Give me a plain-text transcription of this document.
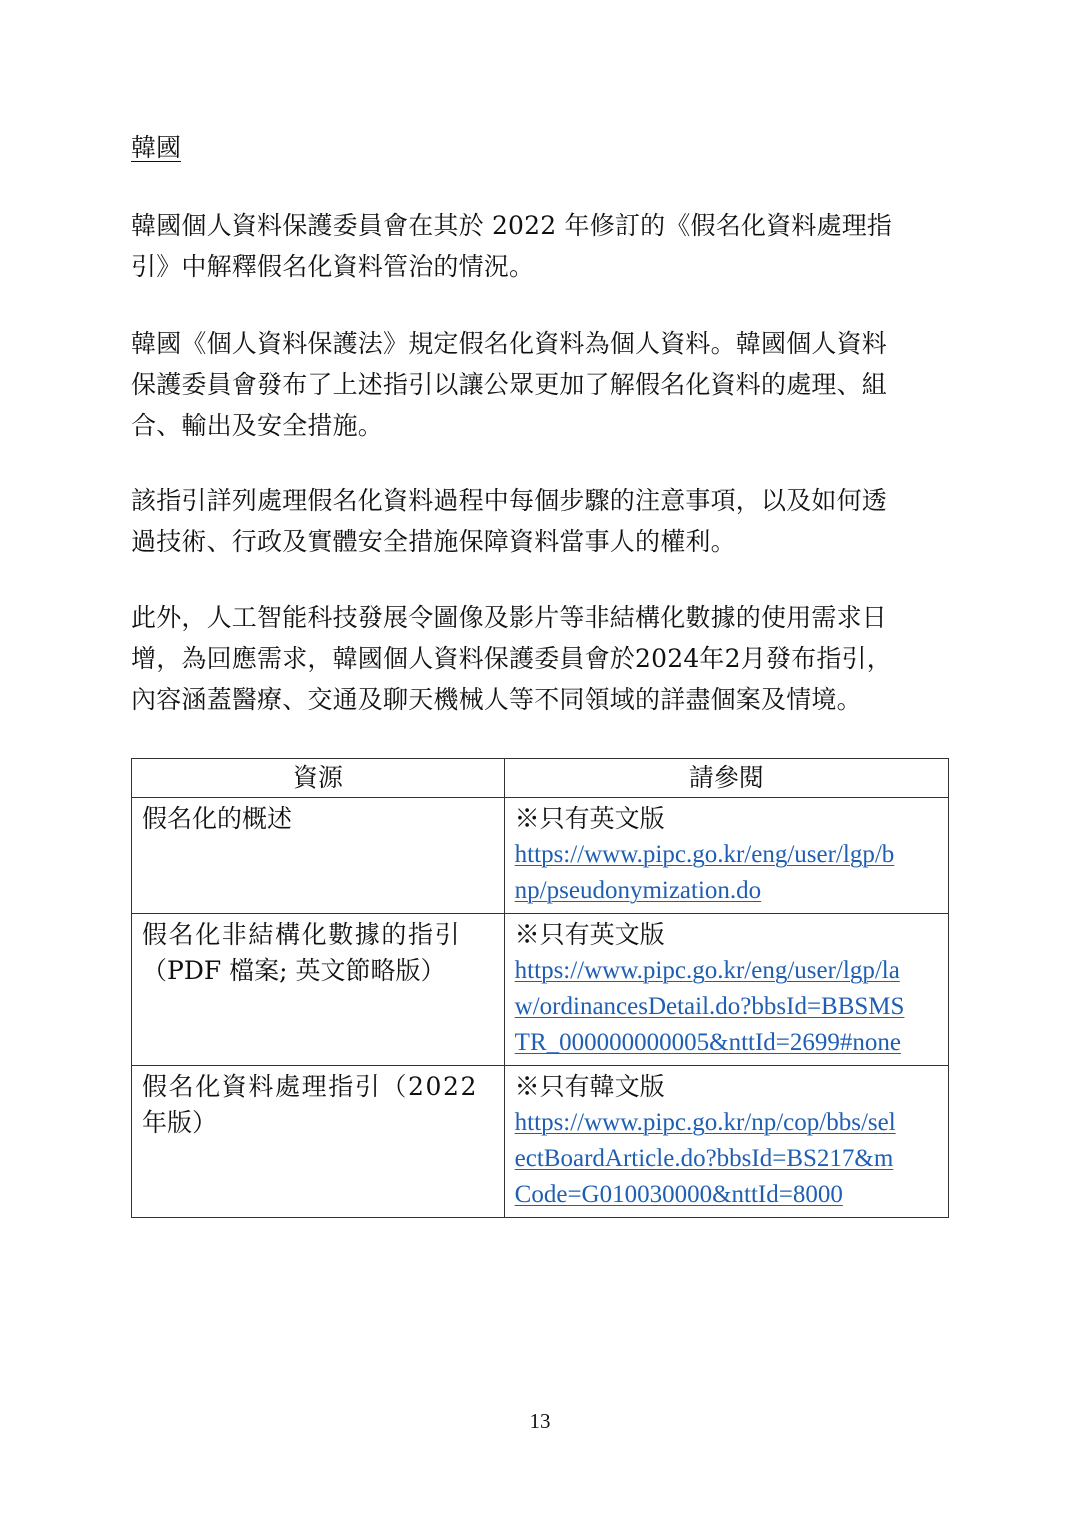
韓國
韓國個人資料保護委員會在其於 2022 年修訂的《假名化資料處理指
引》中解釋假名化資料管治的情況。
韓國《個人資料保護法》規定假名化資料為個人資料。韓國個人資料
保護委員會發布了上述指引以讓公眾更加了解假名化資料的處理、組
合、輸出及安全措施。
該指引詳列處理假名化資料過程中每個步驟的注意事項，以及如何透
過技術、行政及實體安全措施保障資料當事人的權利。
此外，人工智能科技發展令圖像及影片等非結構化數據的使用需求日
增，為回應需求，韓國個人資料保護委員會於2024年2月發布指引，
內容涵蓋醫療、交通及聊天機械人等不同領域的詳盡個案及情境。
資源	請參閱

假名化的概述	※只有英文版
https://www.pipc.go.kr/eng/user/lgp/b
np/pseudonymization.do

假名化非結構化數據的指引
（PDF 檔案; 英文節略版）	※只有英文版
https://www.pipc.go.kr/eng/user/lgp/la
w/ordinancesDetail.do?bbsId=BBSMS
TR_000000000005&nttId=2699#none

假名化資料處理指引（2022
年版）	※只有韓文版
https://www.pipc.go.kr/np/cop/bbs/sel
ectBoardArticle.do?bbsId=BS217&m
Code=G010030000&nttId=8000
13
